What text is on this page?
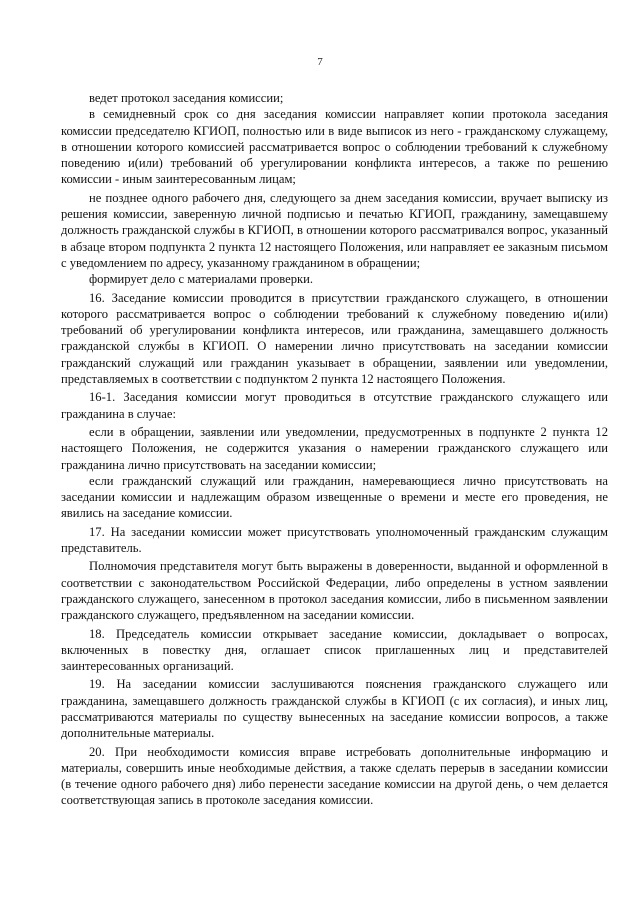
7

ведет протокол заседания комиссии;

в семидневный срок со дня заседания комиссии направляет копии протокола заседания комиссии председателю КГИОП, полностью или в виде выписок из него - гражданскому служащему, в отношении которого комиссией рассматривается вопрос о соблюдении требований к служебному поведению и(или) требований об урегулировании конфликта интересов, а также по решению комиссии - иным заинтересованным лицам;

не позднее одного рабочего дня, следующего за днем заседания комиссии, вручает выписку из решения комиссии, заверенную личной подписью и печатью КГИОП, гражданину, замещавшему должность гражданской службы в КГИОП, в отношении которого рассматривался вопрос, указанный в абзаце втором подпункта 2 пункта 12 настоящего Положения, или направляет ее заказным письмом с уведомлением по адресу, указанному гражданином в обращении;

формирует дело с материалами проверки.

16. Заседание комиссии проводится в присутствии гражданского служащего, в отношении которого рассматривается вопрос о соблюдении требований к служебному поведению и(или) требований об урегулировании конфликта интересов, или гражданина, замещавшего должность гражданской службы в КГИОП. О намерении лично присутствовать на заседании комиссии гражданский служащий или гражданин указывает в обращении, заявлении или уведомлении, представляемых в соответствии с подпунктом 2 пункта 12 настоящего Положения.

16-1. Заседания комиссии могут проводиться в отсутствие гражданского служащего или гражданина в случае:

если в обращении, заявлении или уведомлении, предусмотренных в подпункте 2 пункта 12 настоящего Положения, не содержится указания о намерении гражданского служащего или гражданина лично присутствовать на заседании комиссии;

если гражданский служащий или гражданин, намеревающиеся лично присутствовать на заседании комиссии и надлежащим образом извещенные о времени и месте его проведения, не явились на заседание комиссии.

17. На заседании комиссии может присутствовать уполномоченный гражданским служащим представитель.

Полномочия представителя могут быть выражены в доверенности, выданной и оформленной в соответствии с законодательством Российской Федерации, либо определены в устном заявлении гражданского служащего, занесенном в протокол заседания комиссии, либо в письменном заявлении гражданского служащего, предъявленном на заседании комиссии.

18. Председатель комиссии открывает заседание комиссии, докладывает о вопросах, включенных в повестку дня, оглашает список приглашенных лиц и представителей заинтересованных организаций.

19. На заседании комиссии заслушиваются пояснения гражданского служащего или гражданина, замещавшего должность гражданской службы в КГИОП (с их согласия), и иных лиц, рассматриваются материалы по существу вынесенных на заседание комиссии вопросов, а также дополнительные материалы.

20. При необходимости комиссия вправе истребовать дополнительные информацию и материалы, совершить иные необходимые действия, а также сделать перерыв в заседании комиссии (в течение одного рабочего дня) либо перенести заседание комиссии на другой день, о чем делается соответствующая запись в протоколе заседания комиссии.
